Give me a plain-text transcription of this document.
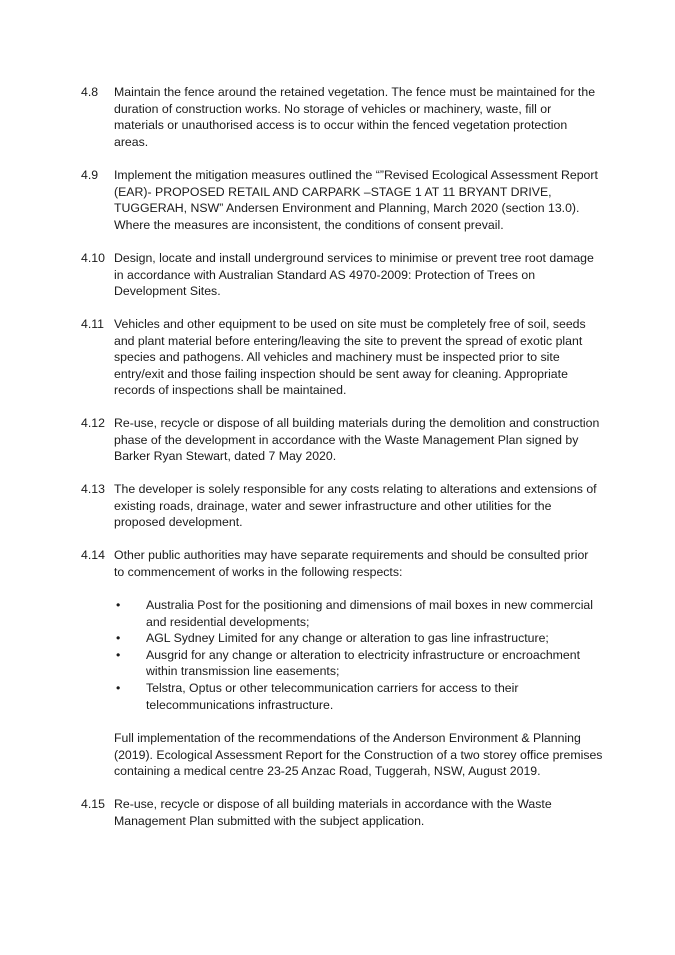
4.8	Maintain the fence around the retained vegetation. The fence must be maintained for the duration of construction works. No storage of vehicles or machinery, waste, fill or materials or unauthorised access is to occur within the fenced vegetation protection areas.

4.9	Implement the mitigation measures outlined the “”Revised Ecological Assessment Report (EAR)- PROPOSED RETAIL AND CARPARK –STAGE 1 AT 11 BRYANT DRIVE, TUGGERAH, NSW” Andersen Environment and Planning, March 2020 (section 13.0). Where the measures are inconsistent, the conditions of consent prevail.

4.10 Design, locate and install underground services to minimise or prevent tree root damage in accordance with Australian Standard AS 4970-2009: Protection of Trees on Development Sites.

4.11 Vehicles and other equipment to be used on site must be completely free of soil, seeds and plant material before entering/leaving the site to prevent the spread of exotic plant species and pathogens. All vehicles and machinery must be inspected prior to site entry/exit and those failing inspection should be sent away for cleaning. Appropriate records of inspections shall be maintained.

4.12 Re-use, recycle or dispose of all building materials during the demolition and construction phase of the development in accordance with the Waste Management Plan signed by Barker Ryan Stewart, dated 7 May 2020.

4.13 The developer is solely responsible for any costs relating to alterations and extensions of existing roads, drainage, water and sewer infrastructure and other utilities for the proposed development.

4.14 Other public authorities may have separate requirements and should be consulted prior to commencement of works in the following respects:

• Australia Post for the positioning and dimensions of mail boxes in new commercial and residential developments;
• AGL Sydney Limited for any change or alteration to gas line infrastructure;
• Ausgrid for any change or alteration to electricity infrastructure or encroachment within transmission line easements;
• Telstra, Optus or other telecommunication carriers for access to their telecommunications infrastructure.

Full implementation of the recommendations of the Anderson Environment & Planning (2019). Ecological Assessment Report for the Construction of a two storey office premises containing a medical centre 23-25 Anzac Road, Tuggerah, NSW, August 2019.

4.15 Re-use, recycle or dispose of all building materials in accordance with the Waste Management Plan submitted with the subject application.
